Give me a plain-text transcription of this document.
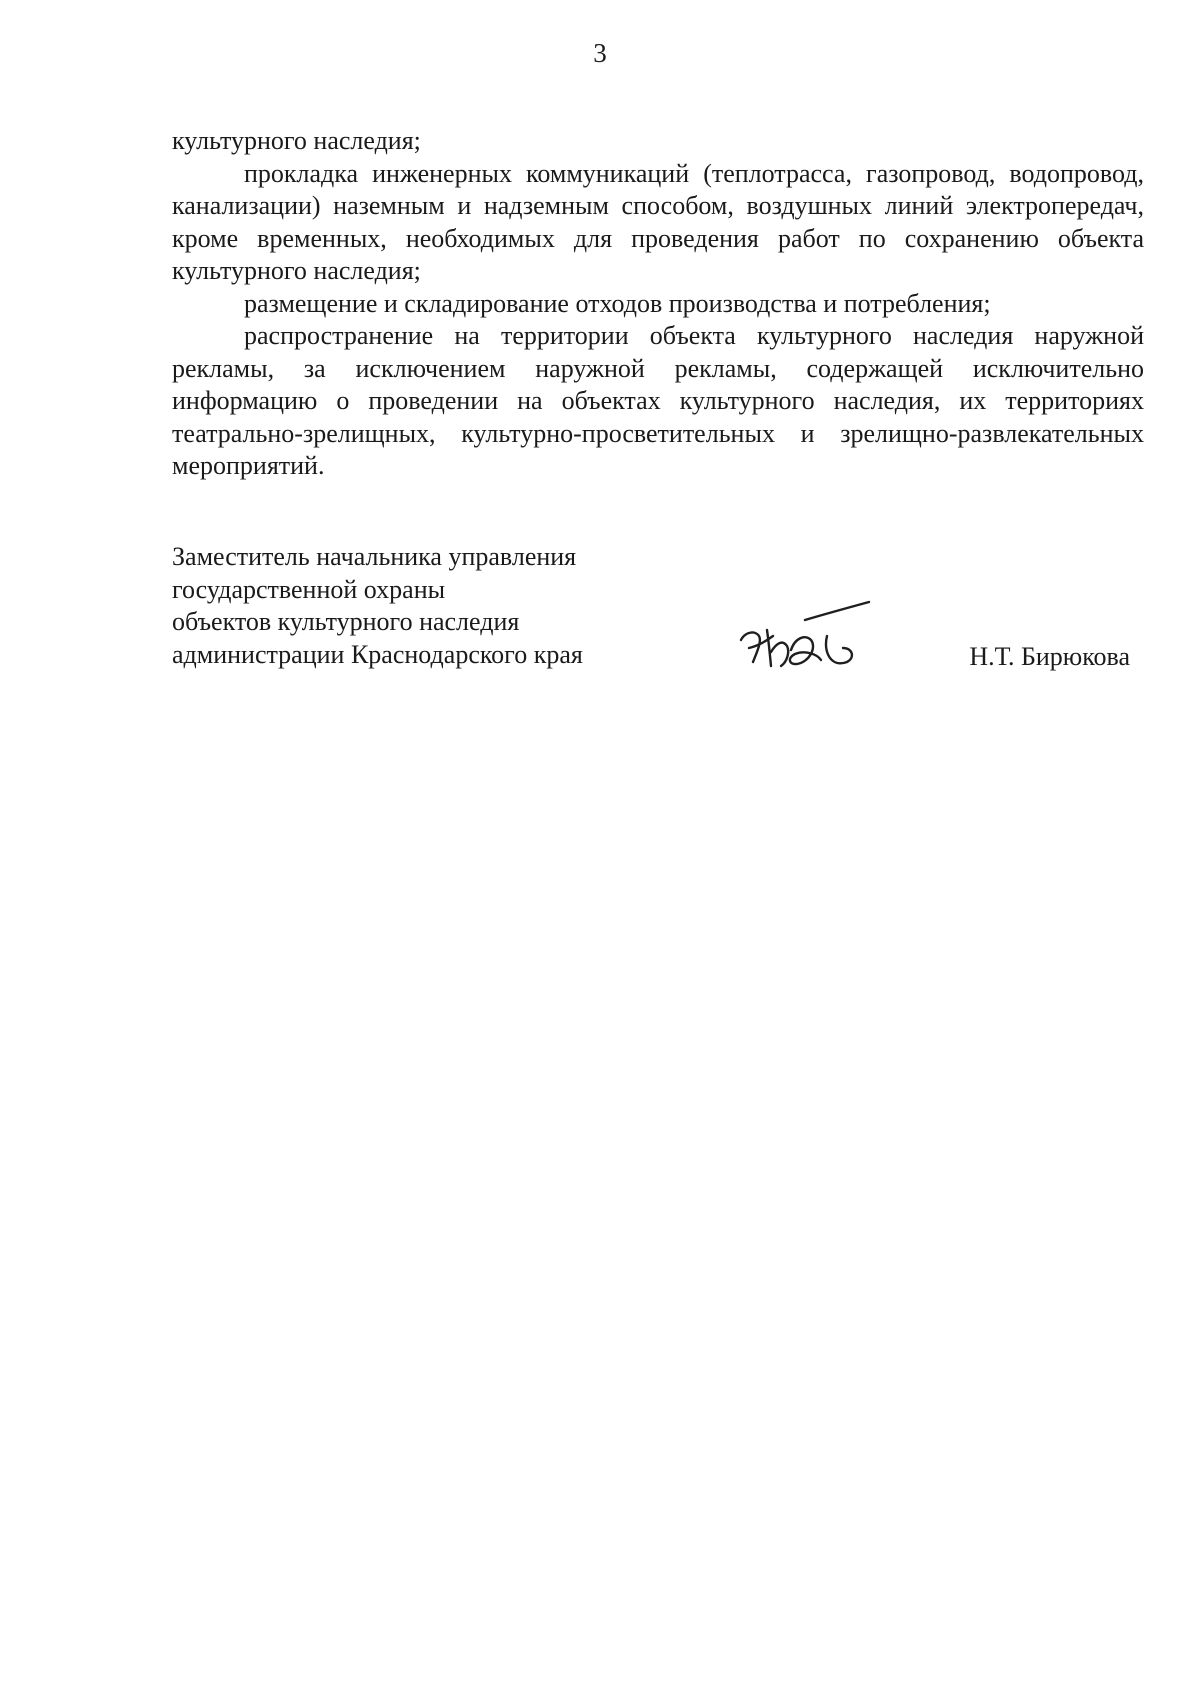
3

культурного наследия;

прокладка инженерных коммуникаций (теплотрасса, газопровод, водопровод, канализации) наземным и надземным способом, воздушных линий электропередач, кроме временных, необходимых для проведения работ по сохранению объекта культурного наследия;

размещение и складирование отходов производства и потребления;

распространение на территории объекта культурного наследия наружной рекламы, за исключением наружной рекламы, содержащей исключительно информацию о проведении на объектах культурного наследия, их территориях театрально-зрелищных, культурно-просветительных и зрелищно-развлекательных мероприятий.

Заместитель начальника управления
государственной охраны
объектов культурного наследия
администрации Краснодарского края	Н.Т. Бирюкова
